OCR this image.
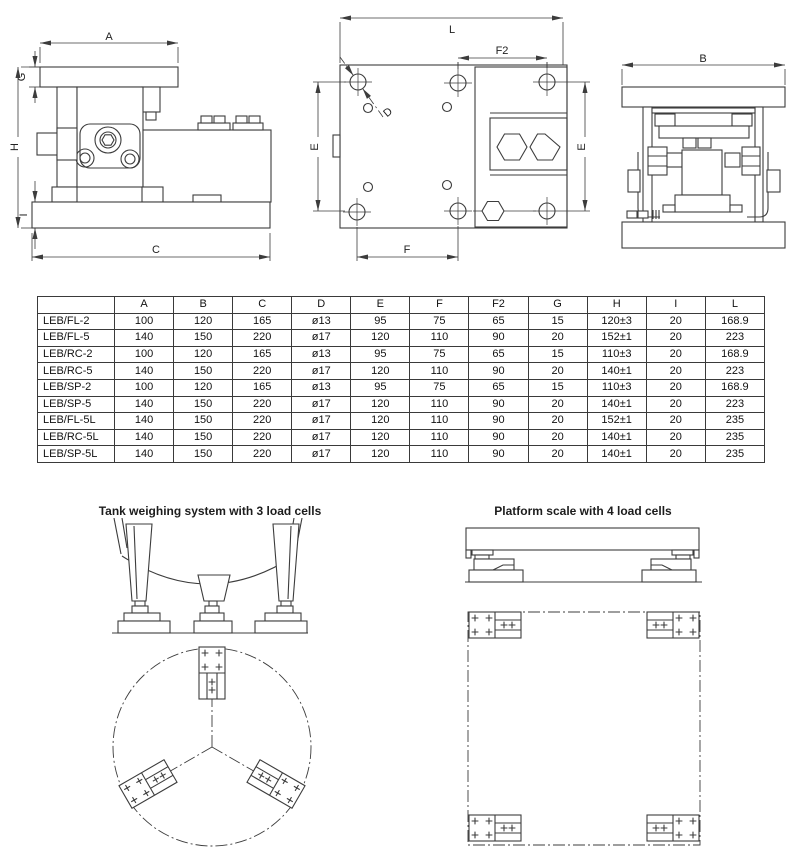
A
G
H
I
C
L
F2
E	E
F
D
B
	A	B	C	D	E	F	F2	G	H	I	L
LEB/FL-2	100	120	165	ø13	95	75	65	15	120±3	20	168.9
LEB/FL-5	140	150	220	ø17	120	110	90	20	152±1	20	223
LEB/RC-2	100	120	165	ø13	95	75	65	15	110±3	20	168.9
LEB/RC-5	140	150	220	ø17	120	110	90	20	140±1	20	223
LEB/SP-2	100	120	165	ø13	95	75	65	15	110±3	20	168.9
LEB/SP-5	140	150	220	ø17	120	110	90	20	140±1	20	223
LEB/FL-5L	140	150	220	ø17	120	110	90	20	152±1	20	235
LEB/RC-5L	140	150	220	ø17	120	110	90	20	140±1	20	235
LEB/SP-5L	140	150	220	ø17	120	110	90	20	140±1	20	235
Tank weighing system with 3 load cells	Platform scale with 4 load cells
